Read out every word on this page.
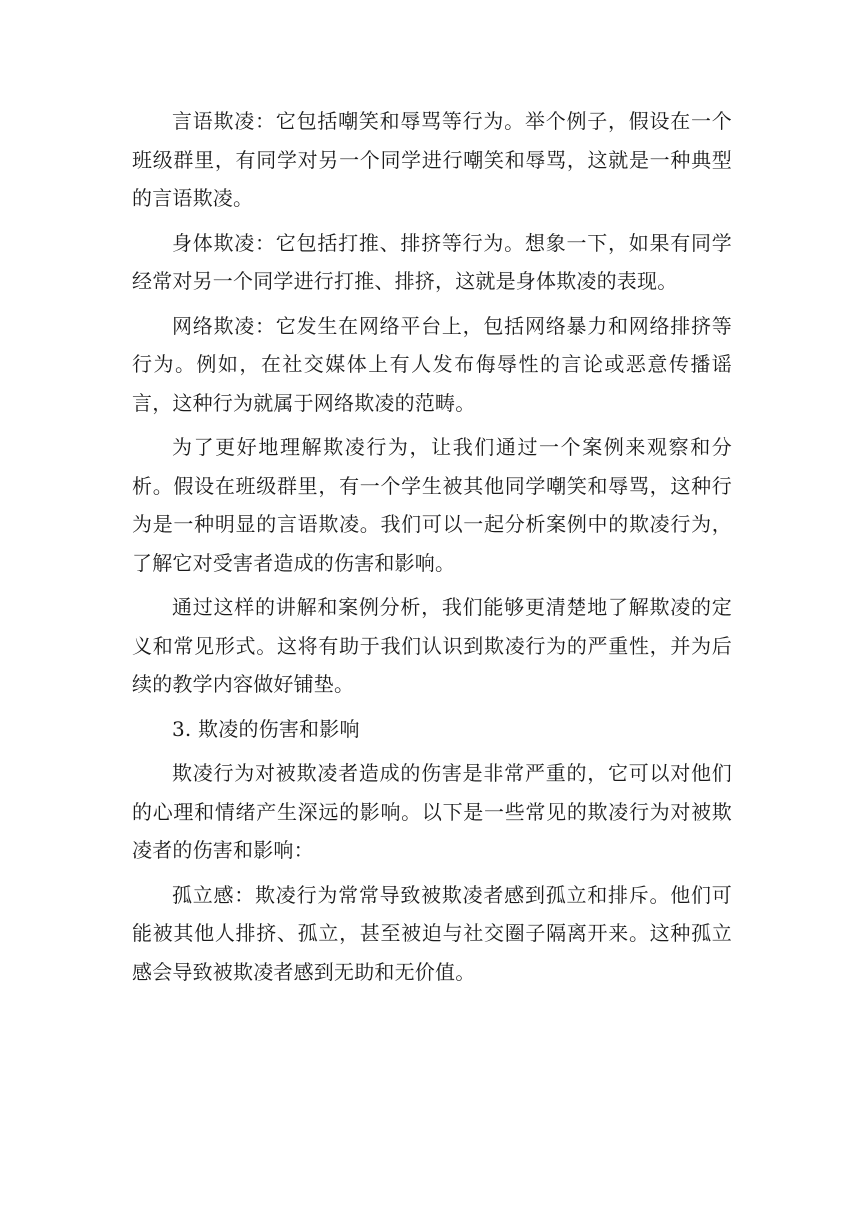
言语欺凌：它包括嘲笑和辱骂等行为。举个例子，假设在一个班级群里，有同学对另一个同学进行嘲笑和辱骂，这就是一种典型的言语欺凌。

身体欺凌：它包括打推、排挤等行为。想象一下，如果有同学经常对另一个同学进行打推、排挤，这就是身体欺凌的表现。

网络欺凌：它发生在网络平台上，包括网络暴力和网络排挤等行为。例如，在社交媒体上有人发布侮辱性的言论或恶意传播谣言，这种行为就属于网络欺凌的范畴。

为了更好地理解欺凌行为，让我们通过一个案例来观察和分析。假设在班级群里，有一个学生被其他同学嘲笑和辱骂，这种行为是一种明显的言语欺凌。我们可以一起分析案例中的欺凌行为，了解它对受害者造成的伤害和影响。

通过这样的讲解和案例分析，我们能够更清楚地了解欺凌的定义和常见形式。这将有助于我们认识到欺凌行为的严重性，并为后续的教学内容做好铺垫。

3. 欺凌的伤害和影响

欺凌行为对被欺凌者造成的伤害是非常严重的，它可以对他们的心理和情绪产生深远的影响。以下是一些常见的欺凌行为对被欺凌者的伤害和影响：

孤立感：欺凌行为常常导致被欺凌者感到孤立和排斥。他们可能被其他人排挤、孤立，甚至被迫与社交圈子隔离开来。这种孤立感会导致被欺凌者感到无助和无价值。
